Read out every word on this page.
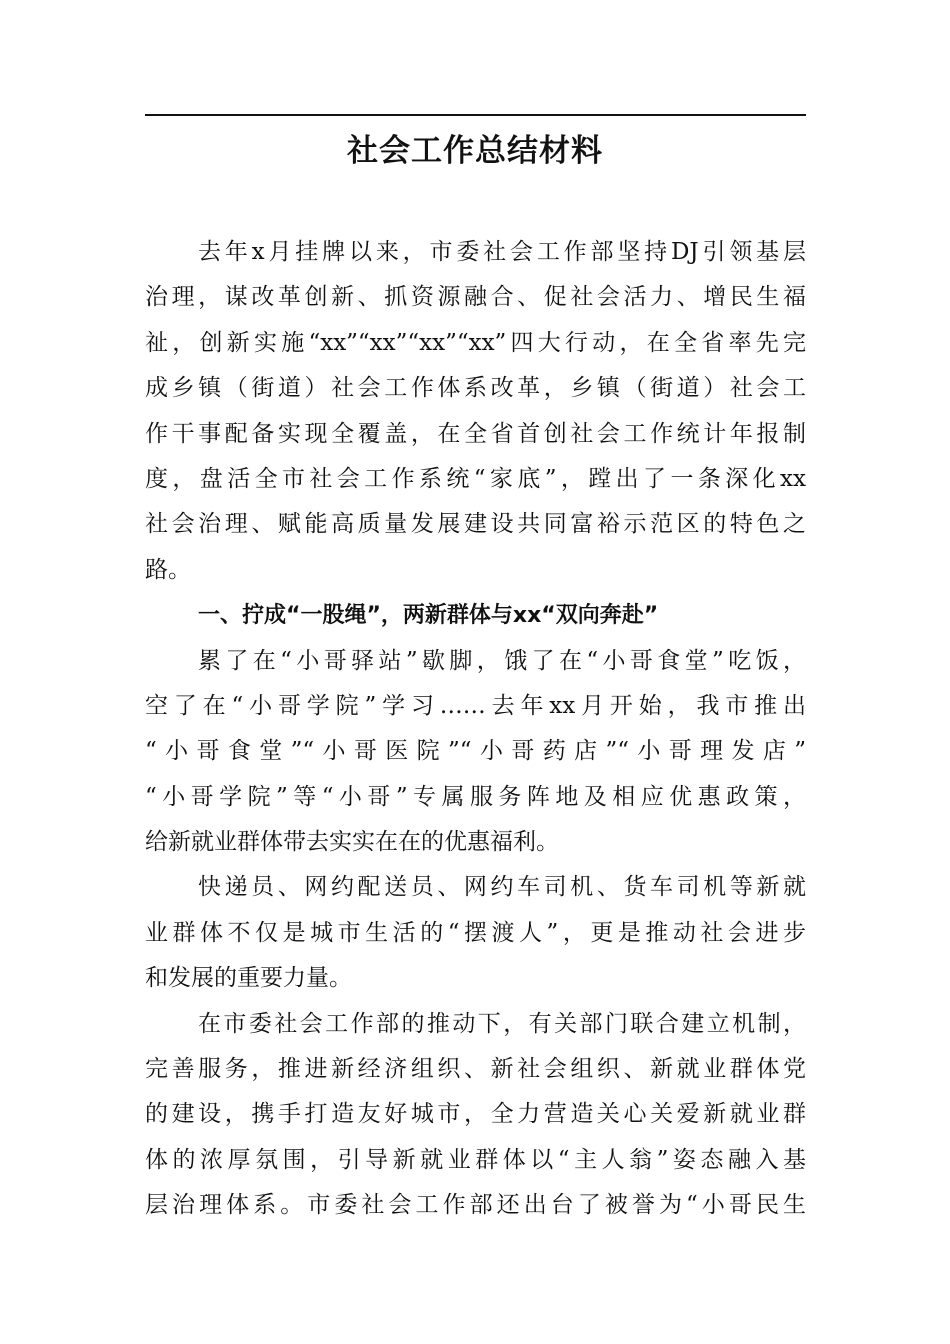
社会工作总结材料
去年x月挂牌以来，市委社会工作部坚持DJ引领基层
治理，谋改革创新、抓资源融合、促社会活力、增民生福
祉，创新实施“xx”“xx”“xx”“xx”四大行动，在全省率先完
成乡镇（街道）社会工作体系改革，乡镇（街道）社会工
作干事配备实现全覆盖，在全省首创社会工作统计年报制
度，盘活全市社会工作系统“家底”，蹚出了一条深化xx
社会治理、赋能高质量发展建设共同富裕示范区的特色之
路。
一、拧成“一股绳”，两新群体与xx“双向奔赴”
累了在“小哥驿站”歇脚，饿了在“小哥食堂”吃饭，
空了在“小哥学院”学习……去年xx月开始，我市推出
“小哥食堂”“小哥医院”“小哥药店”“小哥理发店”
“小哥学院”等“小哥”专属服务阵地及相应优惠政策，
给新就业群体带去实实在在的优惠福利。
快递员、网约配送员、网约车司机、货车司机等新就
业群体不仅是城市生活的“摆渡人”，更是推动社会进步
和发展的重要力量。
在市委社会工作部的推动下，有关部门联合建立机制，
完善服务，推进新经济组织、新社会组织、新就业群体党
的建设，携手打造友好城市，全力营造关心关爱新就业群
体的浓厚氛围，引导新就业群体以“主人翁”姿态融入基
层治理体系。市委社会工作部还出台了被誉为“小哥民生
